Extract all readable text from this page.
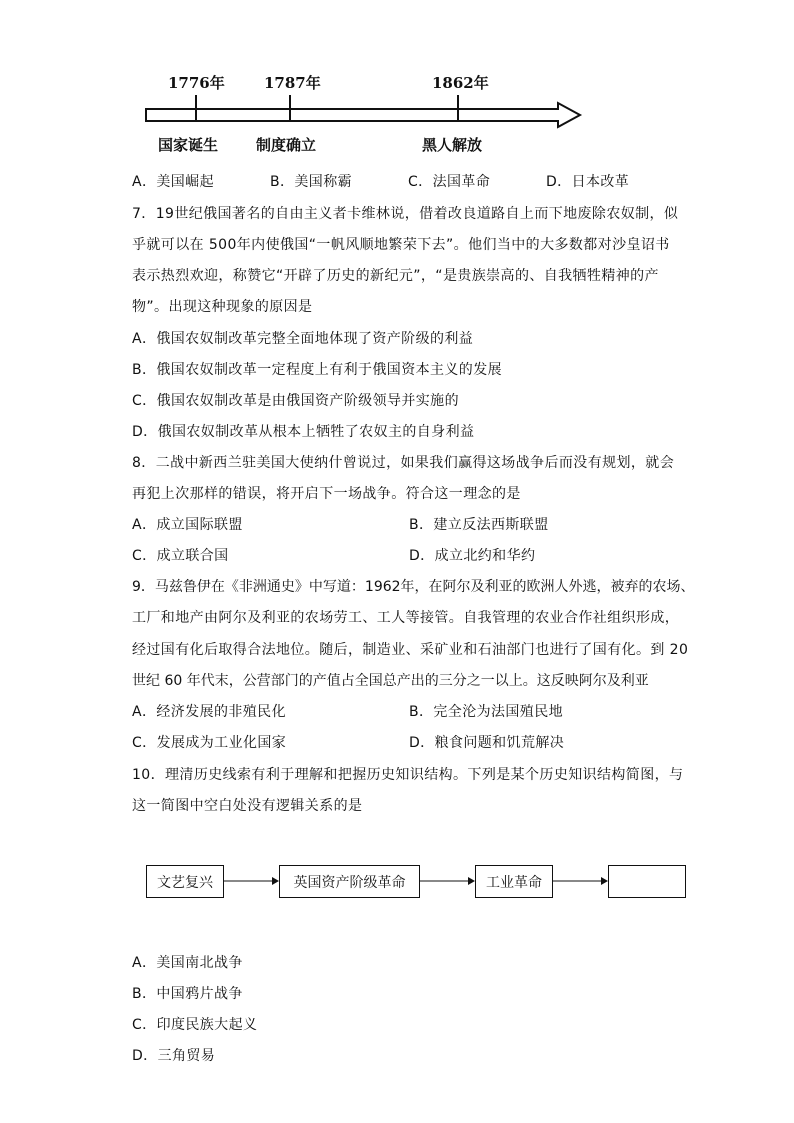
1776年	1787年	1862年
国家诞生	制度确立	黑人解放
A．美国崛起	B．美国称霸	C．法国革命	D．日本改革
7．19世纪俄国著名的自由主义者卡维林说，借着改良道路自上而下地废除农奴制，似
乎就可以在 500年内使俄国“一帆风顺地繁荣下去”。他们当中的大多数都对沙皇诏书
表示热烈欢迎，称赞它“开辟了历史的新纪元”，“是贵族崇高的、自我牺牲精神的产
物”。出现这种现象的原因是
A．俄国农奴制改革完整全面地体现了资产阶级的利益
B．俄国农奴制改革一定程度上有利于俄国资本主义的发展
C．俄国农奴制改革是由俄国资产阶级领导并实施的
D．俄国农奴制改革从根本上牺牲了农奴主的自身利益
8．二战中新西兰驻美国大使纳什曾说过，如果我们赢得这场战争后而没有规划，就会
再犯上次那样的错误，将开启下一场战争。符合这一理念的是
A．成立国际联盟	B．建立反法西斯联盟
C．成立联合国	D．成立北约和华约
9．马兹鲁伊在《非洲通史》中写道：1962年，在阿尔及利亚的欧洲人外逃，被弃的农场、
工厂和地产由阿尔及利亚的农场劳工、工人等接管。自我管理的农业合作社组织形成，
经过国有化后取得合法地位。随后，制造业、采矿业和石油部门也进行了国有化。到 20
世纪 60 年代末，公营部门的产值占全国总产出的三分之一以上。这反映阿尔及利亚
A．经济发展的非殖民化	B．完全沦为法国殖民地
C．发展成为工业化国家	D．粮食问题和饥荒解决
10．理清历史线索有利于理解和把握历史知识结构。下列是某个历史知识结构简图，与
这一简图中空白处没有逻辑关系的是
文艺复兴	英国资产阶级革命	工业革命
A．美国南北战争
B．中国鸦片战争
C．印度民族大起义
D．三角贸易
